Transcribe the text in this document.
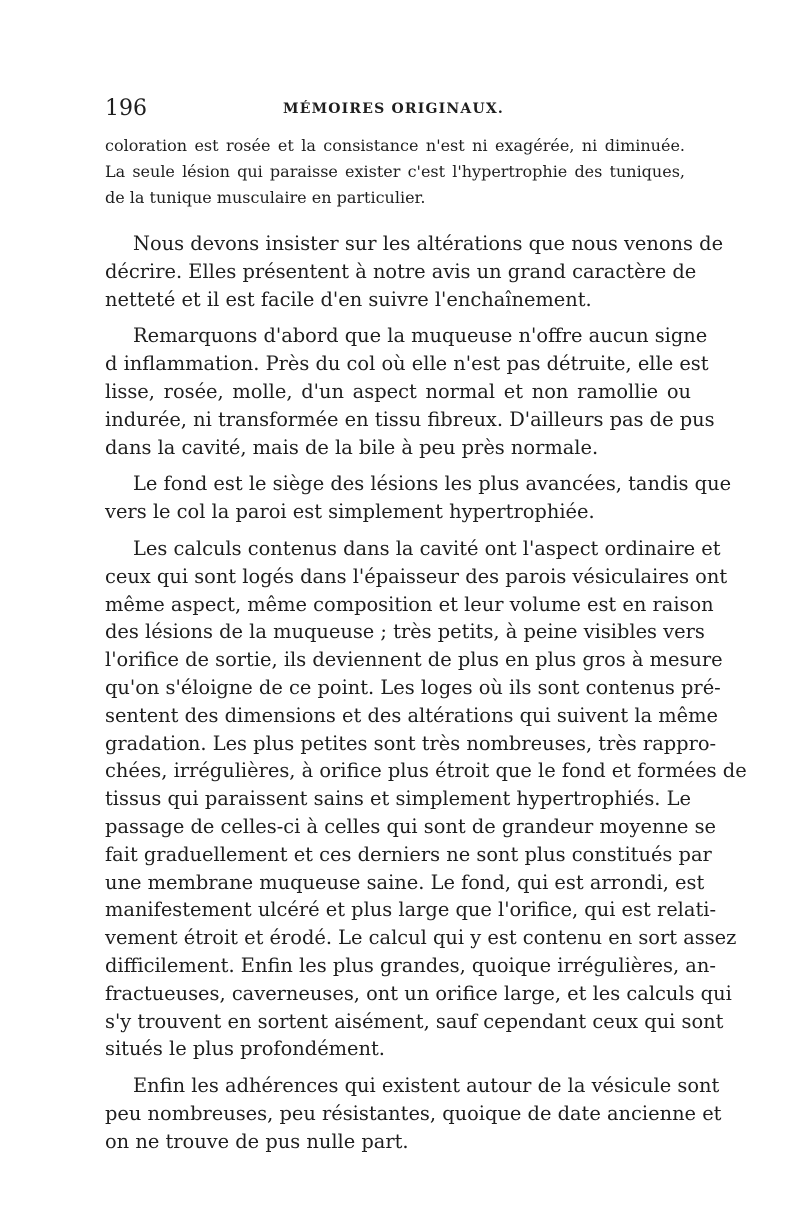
196	MÉMOIRES ORIGINAUX.
coloration est rosée et la consistance n'est ni exagérée, ni diminuée.
La seule lésion qui paraisse exister c'est l'hypertrophie des tuniques,
de la tunique musculaire en particulier.
Nous devons insister sur les altérations que nous venons de
décrire. Elles présentent à notre avis un grand caractère de
netteté et il est facile d'en suivre l'enchaînement.
Remarquons d'abord que la muqueuse n'offre aucun signe
d inflammation. Près du col où elle n'est pas détruite, elle est
lisse, rosée, molle, d'un aspect normal et non ramollie ou
indurée, ni transformée en tissu fibreux. D'ailleurs pas de pus
dans la cavité, mais de la bile à peu près normale.
Le fond est le siège des lésions les plus avancées, tandis que
vers le col la paroi est simplement hypertrophiée.
Les calculs contenus dans la cavité ont l'aspect ordinaire et
ceux qui sont logés dans l'épaisseur des parois vésiculaires ont
même aspect, même composition et leur volume est en raison
des lésions de la muqueuse ; très petits, à peine visibles vers
l'orifice de sortie, ils deviennent de plus en plus gros à mesure
qu'on s'éloigne de ce point. Les loges où ils sont contenus pré-
sentent des dimensions et des altérations qui suivent la même
gradation. Les plus petites sont très nombreuses, très rappro-
chées, irrégulières, à orifice plus étroit que le fond et formées de
tissus qui paraissent sains et simplement hypertrophiés. Le
passage de celles-ci à celles qui sont de grandeur moyenne se
fait graduellement et ces derniers ne sont plus constitués par
une membrane muqueuse saine. Le fond, qui est arrondi, est
manifestement ulcéré et plus large que l'orifice, qui est relati-
vement étroit et érodé. Le calcul qui y est contenu en sort assez
difficilement. Enfin les plus grandes, quoique irrégulières, an-
fractueuses, caverneuses, ont un orifice large, et les calculs qui
s'y trouvent en sortent aisément, sauf cependant ceux qui sont
situés le plus profondément.
Enfin les adhérences qui existent autour de la vésicule sont
peu nombreuses, peu résistantes, quoique de date ancienne et
on ne trouve de pus nulle part.
